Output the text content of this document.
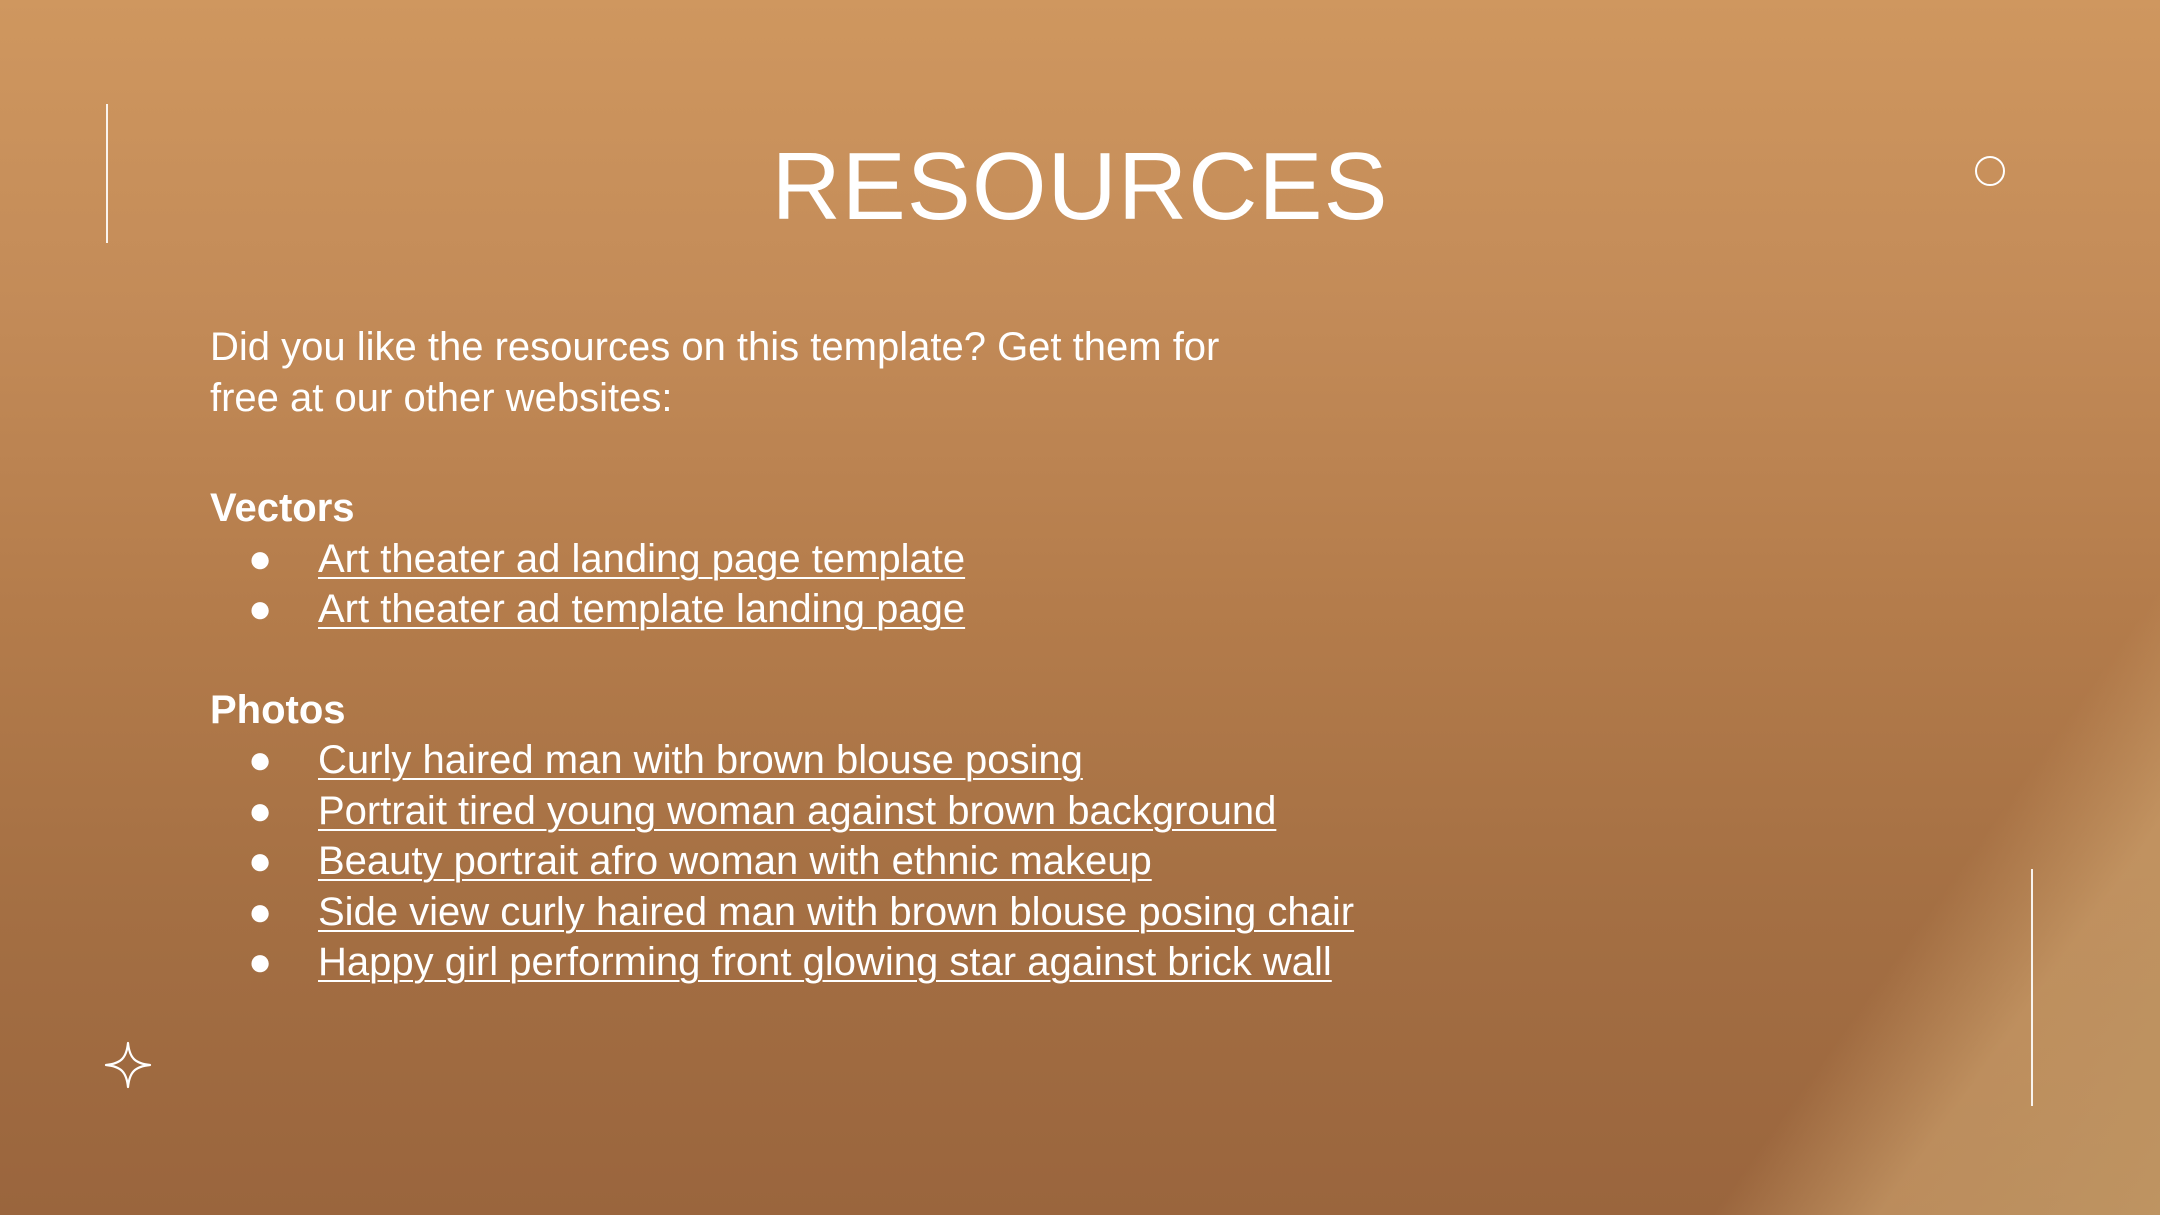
RESOURCES

Did you like the resources on this template? Get them for free at our other websites:

Vectors

● Art theater ad landing page template
● Art theater ad template landing page

Photos

● Curly haired man with brown blouse posing
● Portrait tired young woman against brown background
● Beauty portrait afro woman with ethnic makeup
● Side view curly haired man with brown blouse posing chair
● Happy girl performing front glowing star against brick wall
